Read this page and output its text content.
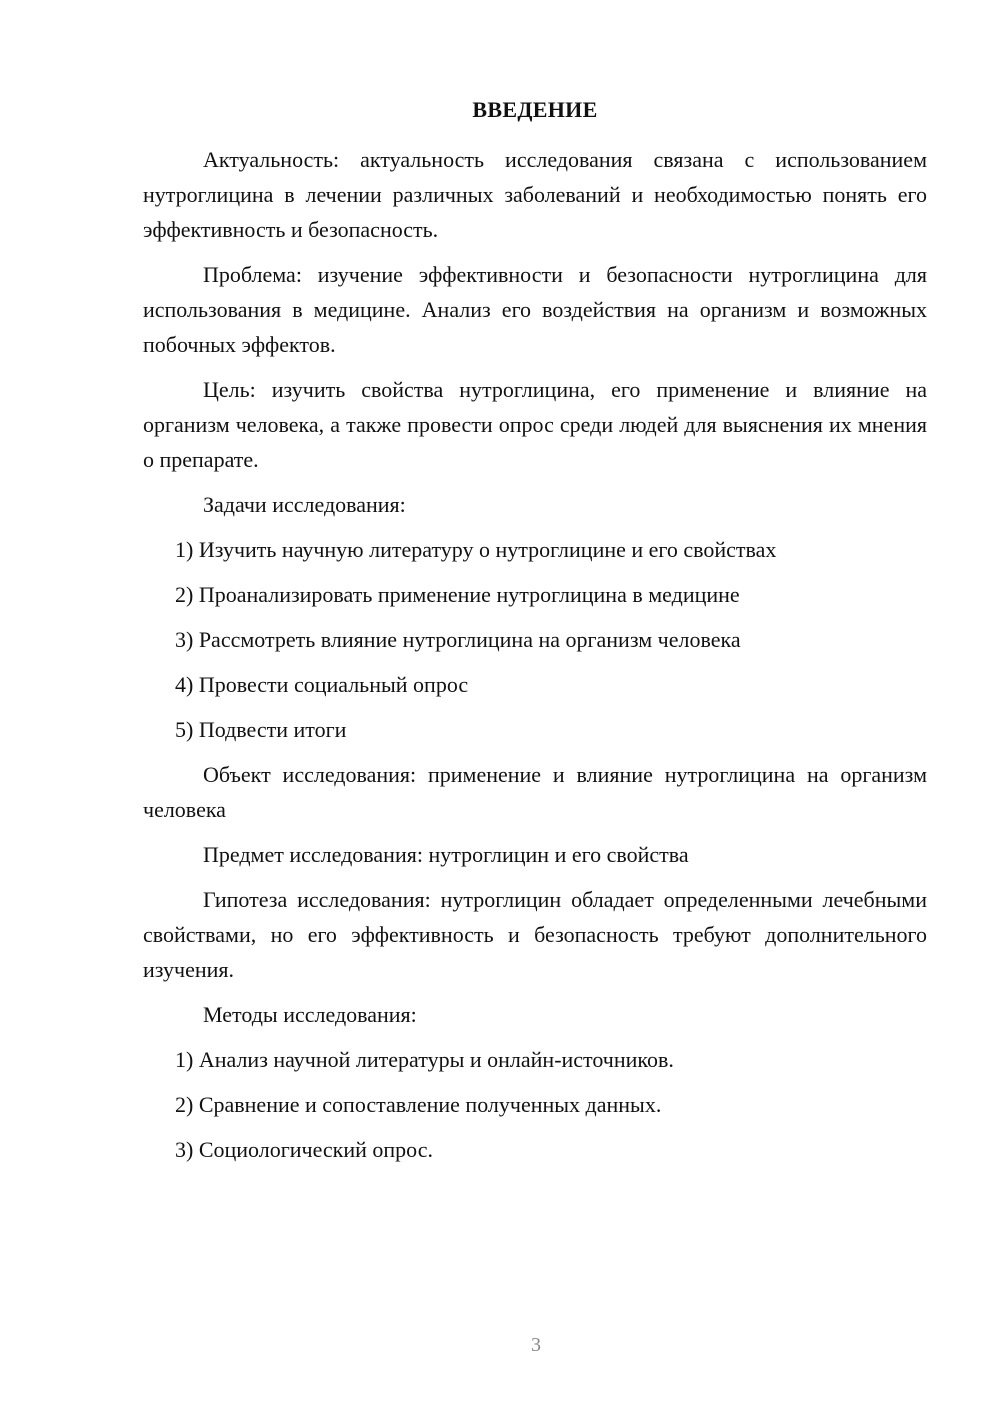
ВВЕДЕНИЕ

Актуальность: актуальность исследования связана с использованием нутроглицина в лечении различных заболеваний и необходимостью понять его эффективность и безопасность.

Проблема: изучение эффективности и безопасности нутроглицина для использования в медицине. Анализ его воздействия на организм и возможных побочных эффектов.

Цель: изучить свойства нутроглицина, его применение и влияние на организм человека, а также провести опрос среди людей для выяснения их мнения о препарате.

Задачи исследования:

1) Изучить научную литературу о нутроглицине и его свойствах
2) Проанализировать применение нутроглицина в медицине
3) Рассмотреть влияние нутроглицина на организм человека
4) Провести социальный опрос
5) Подвести итоги

Объект исследования: применение и влияние нутроглицина на организм человека

Предмет исследования: нутроглицин и его свойства

Гипотеза исследования: нутроглицин обладает определенными лечебными свойствами, но его эффективность и безопасность требуют дополнительного изучения.

Методы исследования:

1) Анализ научной литературы и онлайн-источников.
2) Сравнение и сопоставление полученных данных.
3) Социологический опрос.
3
